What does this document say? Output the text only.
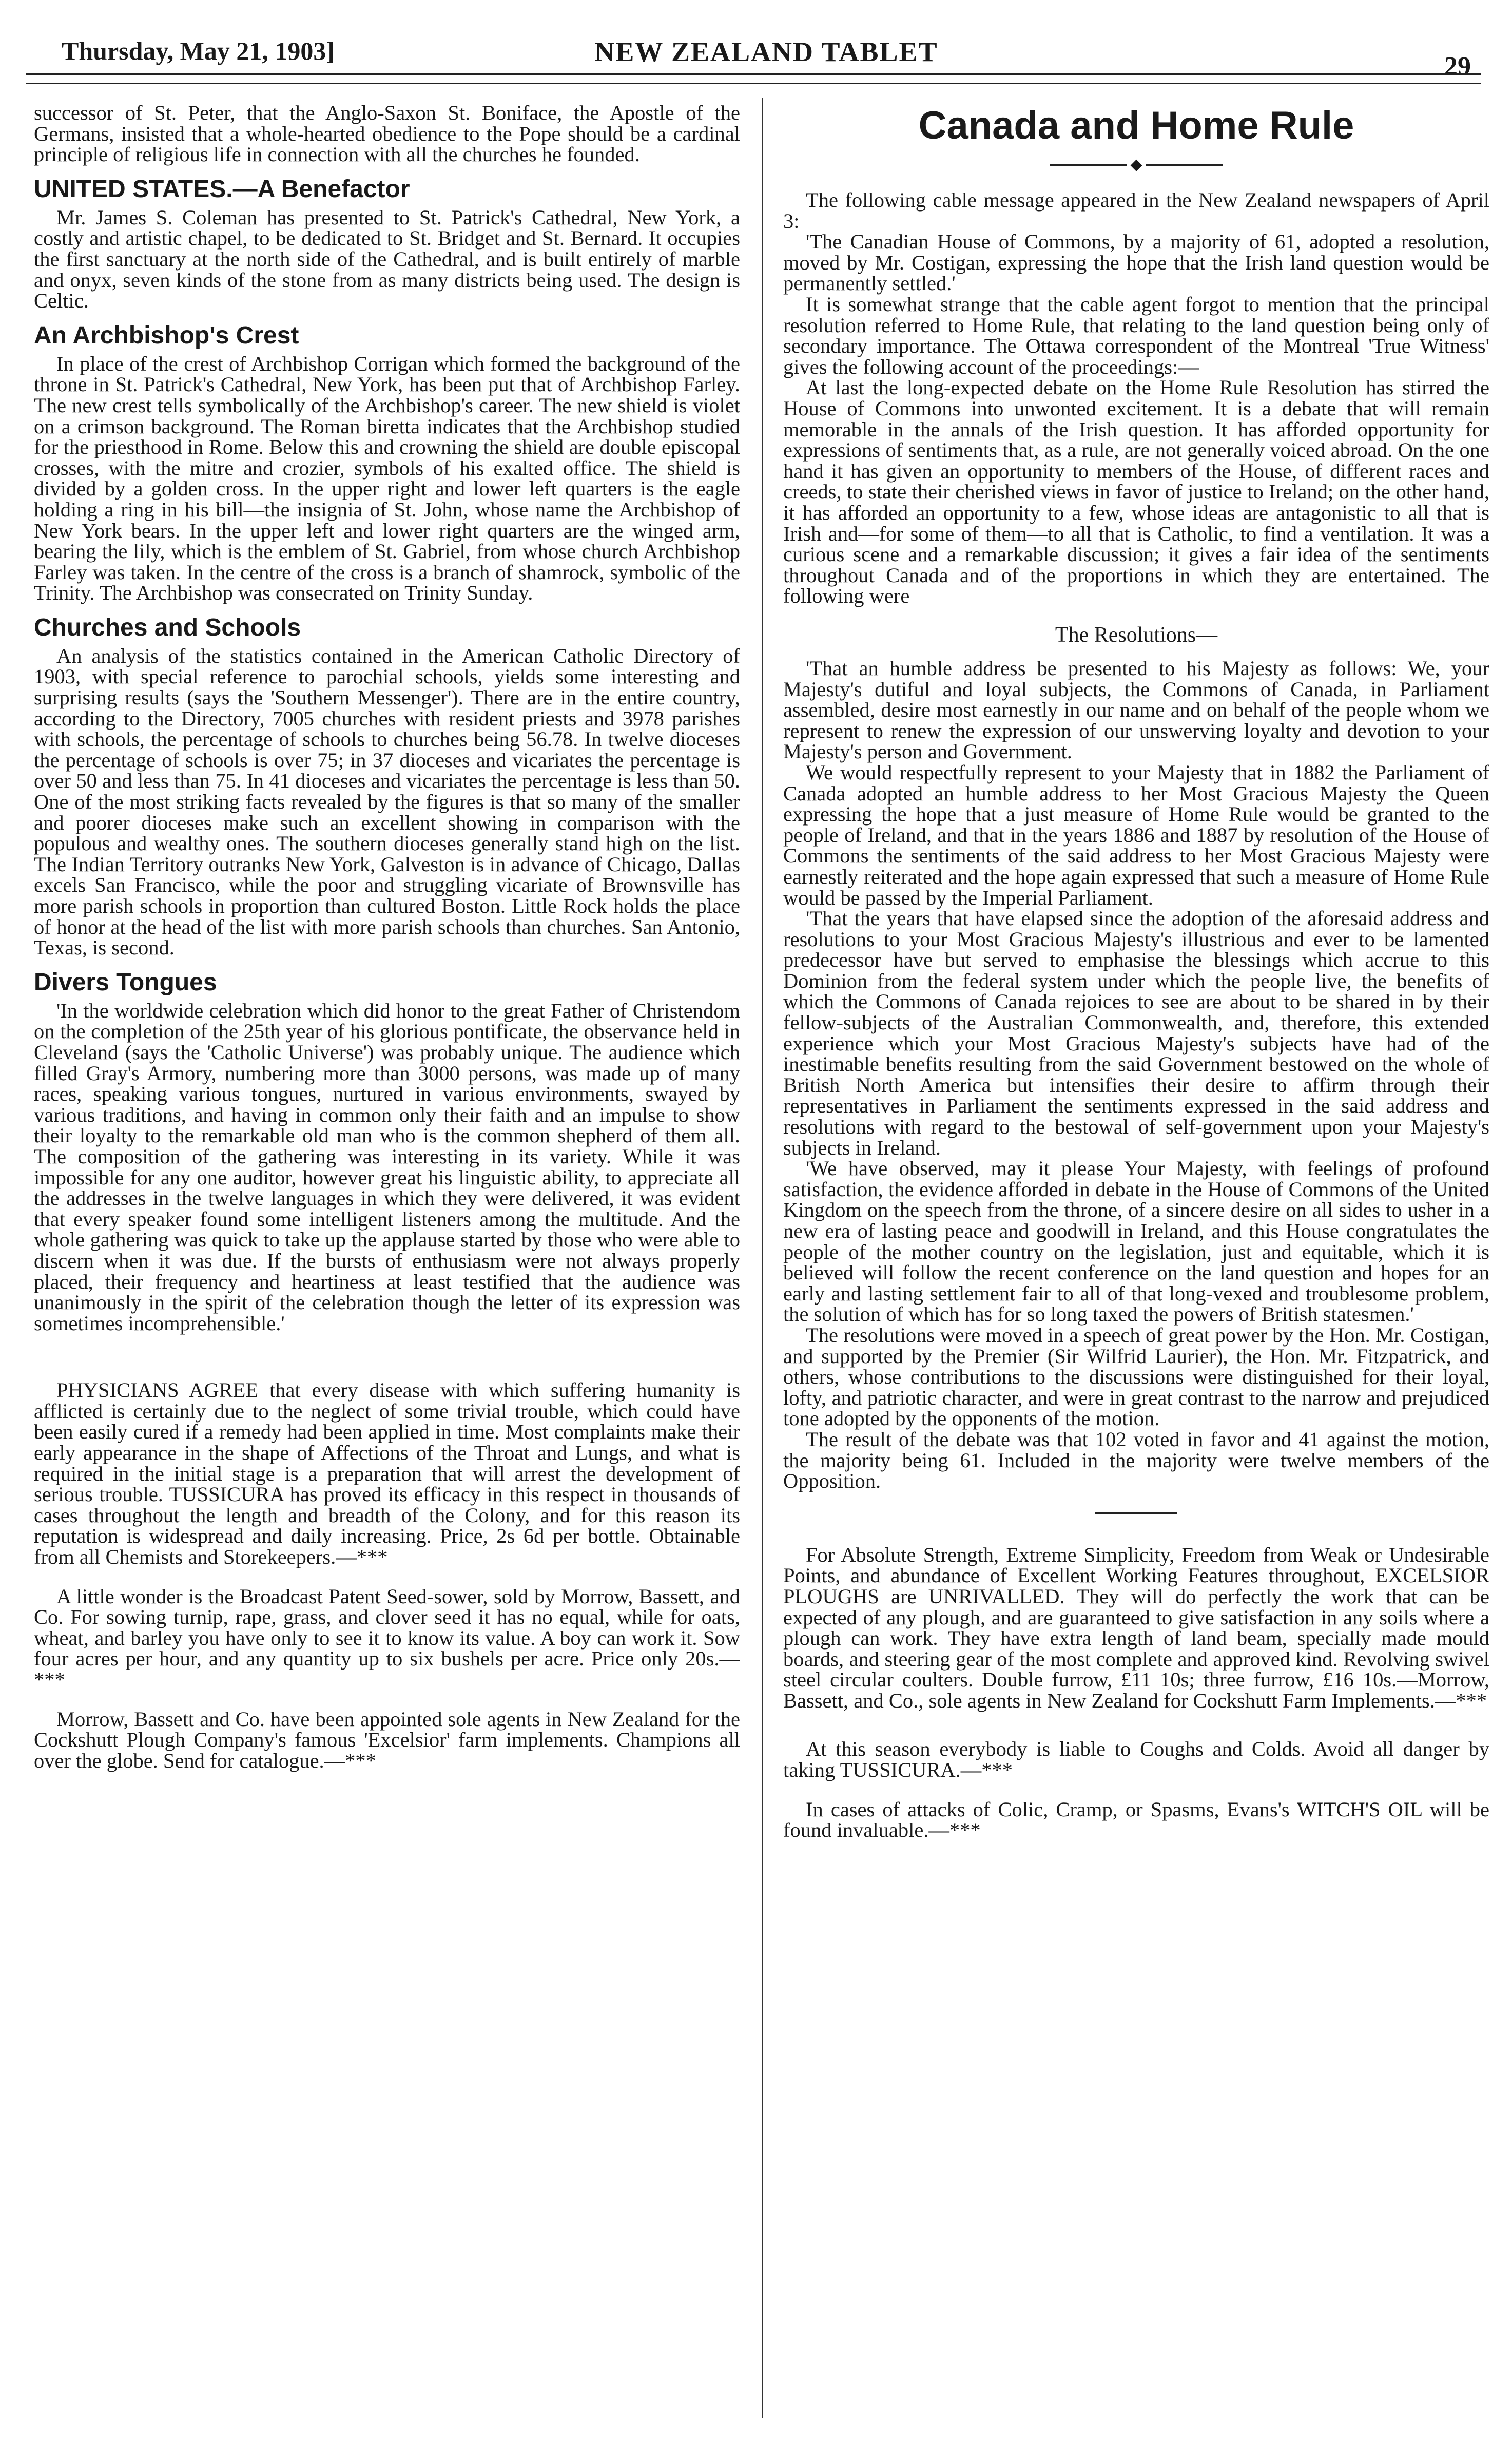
Thursday, May 21, 1903]	NEW ZEALAND TABLET	29

successor of St. Peter, that the Anglo-Saxon St. Boniface, the Apostle of the Germans, insisted that a whole-hearted obedience to the Pope should be a cardinal principle of religious life in connection with all the churches he founded.

UNITED STATES.—A Benefactor

Mr. James S. Coleman has presented to St. Patrick's Cathedral, New York, a costly and artistic chapel, to be dedicated to St. Bridget and St. Bernard. It occupies the first sanctuary at the north side of the Cathedral, and is built entirely of marble and onyx, seven kinds of the stone from as many districts being used. The design is Celtic.

An Archbishop's Crest

In place of the crest of Archbishop Corrigan which formed the background of the throne in St. Patrick's Cathedral, New York, has been put that of Archbishop Farley. The new crest tells symbolically of the Archbishop's career. The new shield is violet on a crimson background. The Roman biretta indicates that the Archbishop studied for the priesthood in Rome. Below this and crowning the shield are double episcopal crosses, with the mitre and crozier, symbols of his exalted office. The shield is divided by a golden cross. In the upper right and lower left quarters is the eagle holding a ring in his bill—the insignia of St. John, whose name the Archbishop of New York bears. In the upper left and lower right quarters are the winged arm, bearing the lily, which is the emblem of St. Gabriel, from whose church Archbishop Farley was taken. In the centre of the cross is a branch of shamrock, symbolic of the Trinity. The Archbishop was consecrated on Trinity Sunday.

Churches and Schools

An analysis of the statistics contained in the American Catholic Directory of 1903, with special reference to parochial schools, yields some interesting and surprising results (says the 'Southern Messenger'). There are in the entire country, according to the Directory, 7005 churches with resident priests and 3978 parishes with schools, the percentage of schools to churches being 56.78. In twelve dioceses the percentage of schools is over 75; in 37 dioceses and vicariates the percentage is over 50 and less than 75. In 41 dioceses and vicariates the percentage is less than 50. One of the most striking facts revealed by the figures is that so many of the smaller and poorer dioceses make such an excellent showing in comparison with the populous and wealthy ones. The southern dioceses generally stand high on the list. The Indian Territory outranks New York, Galveston is in advance of Chicago, Dallas excels San Francisco, while the poor and struggling vicariate of Brownsville has more parish schools in proportion than cultured Boston. Little Rock holds the place of honor at the head of the list with more parish schools than churches. San Antonio, Texas, is second.

Divers Tongues

'In the worldwide celebration which did honor to the great Father of Christendom on the completion of the 25th year of his glorious pontificate, the observance held in Cleveland (says the 'Catholic Universe') was probably unique. The audience which filled Gray's Armory, numbering more than 3000 persons, was made up of many races, speaking various tongues, nurtured in various environments, swayed by various traditions, and having in common only their faith and an impulse to show their loyalty to the remarkable old man who is the common shepherd of them all. The composition of the gathering was interesting in its variety. While it was impossible for any one auditor, however great his linguistic ability, to appreciate all the addresses in the twelve languages in which they were delivered, it was evident that every speaker found some intelligent listeners among the multitude. And the whole gathering was quick to take up the applause started by those who were able to discern when it was due. If the bursts of enthusiasm were not always properly placed, their frequency and heartiness at least testified that the audience was unanimously in the spirit of the celebration though the letter of its expression was sometimes incomprehensible.'

PHYSICIANS AGREE that every disease with which suffering humanity is afflicted is certainly due to the neglect of some trivial trouble, which could have been easily cured if a remedy had been applied in time. Most complaints make their early appearance in the shape of Affections of the Throat and Lungs, and what is required in the initial stage is a preparation that will arrest the development of serious trouble. TUSSICURA has proved its efficacy in this respect in thousands of cases throughout the length and breadth of the Colony, and for this reason its reputation is widespread and daily increasing. Price, 2s 6d per bottle. Obtainable from all Chemists and Storekeepers.—***

A little wonder is the Broadcast Patent Seed-sower, sold by Morrow, Bassett, and Co. For sowing turnip, rape, grass, and clover seed it has no equal, while for oats, wheat, and barley you have only to see it to know its value. A boy can work it. Sow four acres per hour, and any quantity up to six bushels per acre. Price only 20s.—***

Morrow, Bassett and Co. have been appointed sole agents in New Zealand for the Cockshutt Plough Company's famous 'Excelsior' farm implements. Champions all over the globe. Send for catalogue.—***

Canada and Home Rule
◆

The following cable message appeared in the New Zealand newspapers of April 3:

'The Canadian House of Commons, by a majority of 61, adopted a resolution, moved by Mr. Costigan, expressing the hope that the Irish land question would be permanently settled.'

It is somewhat strange that the cable agent forgot to mention that the principal resolution referred to Home Rule, that relating to the land question being only of secondary importance. The Ottawa correspondent of the Montreal 'True Witness' gives the following account of the proceedings:—

At last the long-expected debate on the Home Rule Resolution has stirred the House of Commons into unwonted excitement. It is a debate that will remain memorable in the annals of the Irish question. It has afforded opportunity for expressions of sentiments that, as a rule, are not generally voiced abroad. On the one hand it has given an opportunity to members of the House, of different races and creeds, to state their cherished views in favor of justice to Ireland; on the other hand, it has afforded an opportunity to a few, whose ideas are antagonistic to all that is Irish and—for some of them—to all that is Catholic, to find a ventilation. It was a curious scene and a remarkable discussion; it gives a fair idea of the sentiments throughout Canada and of the proportions in which they are entertained. The following were

The Resolutions—

'That an humble address be presented to his Majesty as follows: We, your Majesty's dutiful and loyal subjects, the Commons of Canada, in Parliament assembled, desire most earnestly in our name and on behalf of the people whom we represent to renew the expression of our unswerving loyalty and devotion to your Majesty's person and Government.

We would respectfully represent to your Majesty that in 1882 the Parliament of Canada adopted an humble address to her Most Gracious Majesty the Queen expressing the hope that a just measure of Home Rule would be granted to the people of Ireland, and that in the years 1886 and 1887 by resolution of the House of Commons the sentiments of the said address to her Most Gracious Majesty were earnestly reiterated and the hope again expressed that such a measure of Home Rule would be passed by the Imperial Parliament.

'That the years that have elapsed since the adoption of the aforesaid address and resolutions to your Most Gracious Majesty's illustrious and ever to be lamented predecessor have but served to emphasise the blessings which accrue to this Dominion from the federal system under which the people live, the benefits of which the Commons of Canada rejoices to see are about to be shared in by their fellow-subjects of the Australian Commonwealth, and, therefore, this extended experience which your Most Gracious Majesty's subjects have had of the inestimable benefits resulting from the said Government bestowed on the whole of British North America but intensifies their desire to affirm through their representatives in Parliament the sentiments expressed in the said address and resolutions with regard to the bestowal of self-government upon your Majesty's subjects in Ireland.

'We have observed, may it please Your Majesty, with feelings of profound satisfaction, the evidence afforded in debate in the House of Commons of the United Kingdom on the speech from the throne, of a sincere desire on all sides to usher in a new era of lasting peace and goodwill in Ireland, and this House congratulates the people of the mother country on the legislation, just and equitable, which it is believed will follow the recent conference on the land question and hopes for an early and lasting settlement fair to all of that long-vexed and troublesome problem, the solution of which has for so long taxed the powers of British statesmen.'

The resolutions were moved in a speech of great power by the Hon. Mr. Costigan, and supported by the Premier (Sir Wilfrid Laurier), the Hon. Mr. Fitzpatrick, and others, whose contributions to the discussions were distinguished for their loyal, lofty, and patriotic character, and were in great contrast to the narrow and prejudiced tone adopted by the opponents of the motion.

The result of the debate was that 102 voted in favor and 41 against the motion, the majority being 61. Included in the majority were twelve members of the Opposition.

For Absolute Strength, Extreme Simplicity, Freedom from Weak or Undesirable Points, and abundance of Excellent Working Features throughout, EXCELSIOR PLOUGHS are UNRIVALLED. They will do perfectly the work that can be expected of any plough, and are guaranteed to give satisfaction in any soils where a plough can work. They have extra length of land beam, specially made mould boards, and steering gear of the most complete and approved kind. Revolving swivel steel circular coulters. Double furrow, £11 10s; three furrow, £16 10s.—Morrow, Bassett, and Co., sole agents in New Zealand for Cockshutt Farm Implements.—***

At this season everybody is liable to Coughs and Colds. Avoid all danger by taking TUSSICURA.—***

In cases of attacks of Colic, Cramp, or Spasms, Evans's WITCH'S OIL will be found invaluable.—***
